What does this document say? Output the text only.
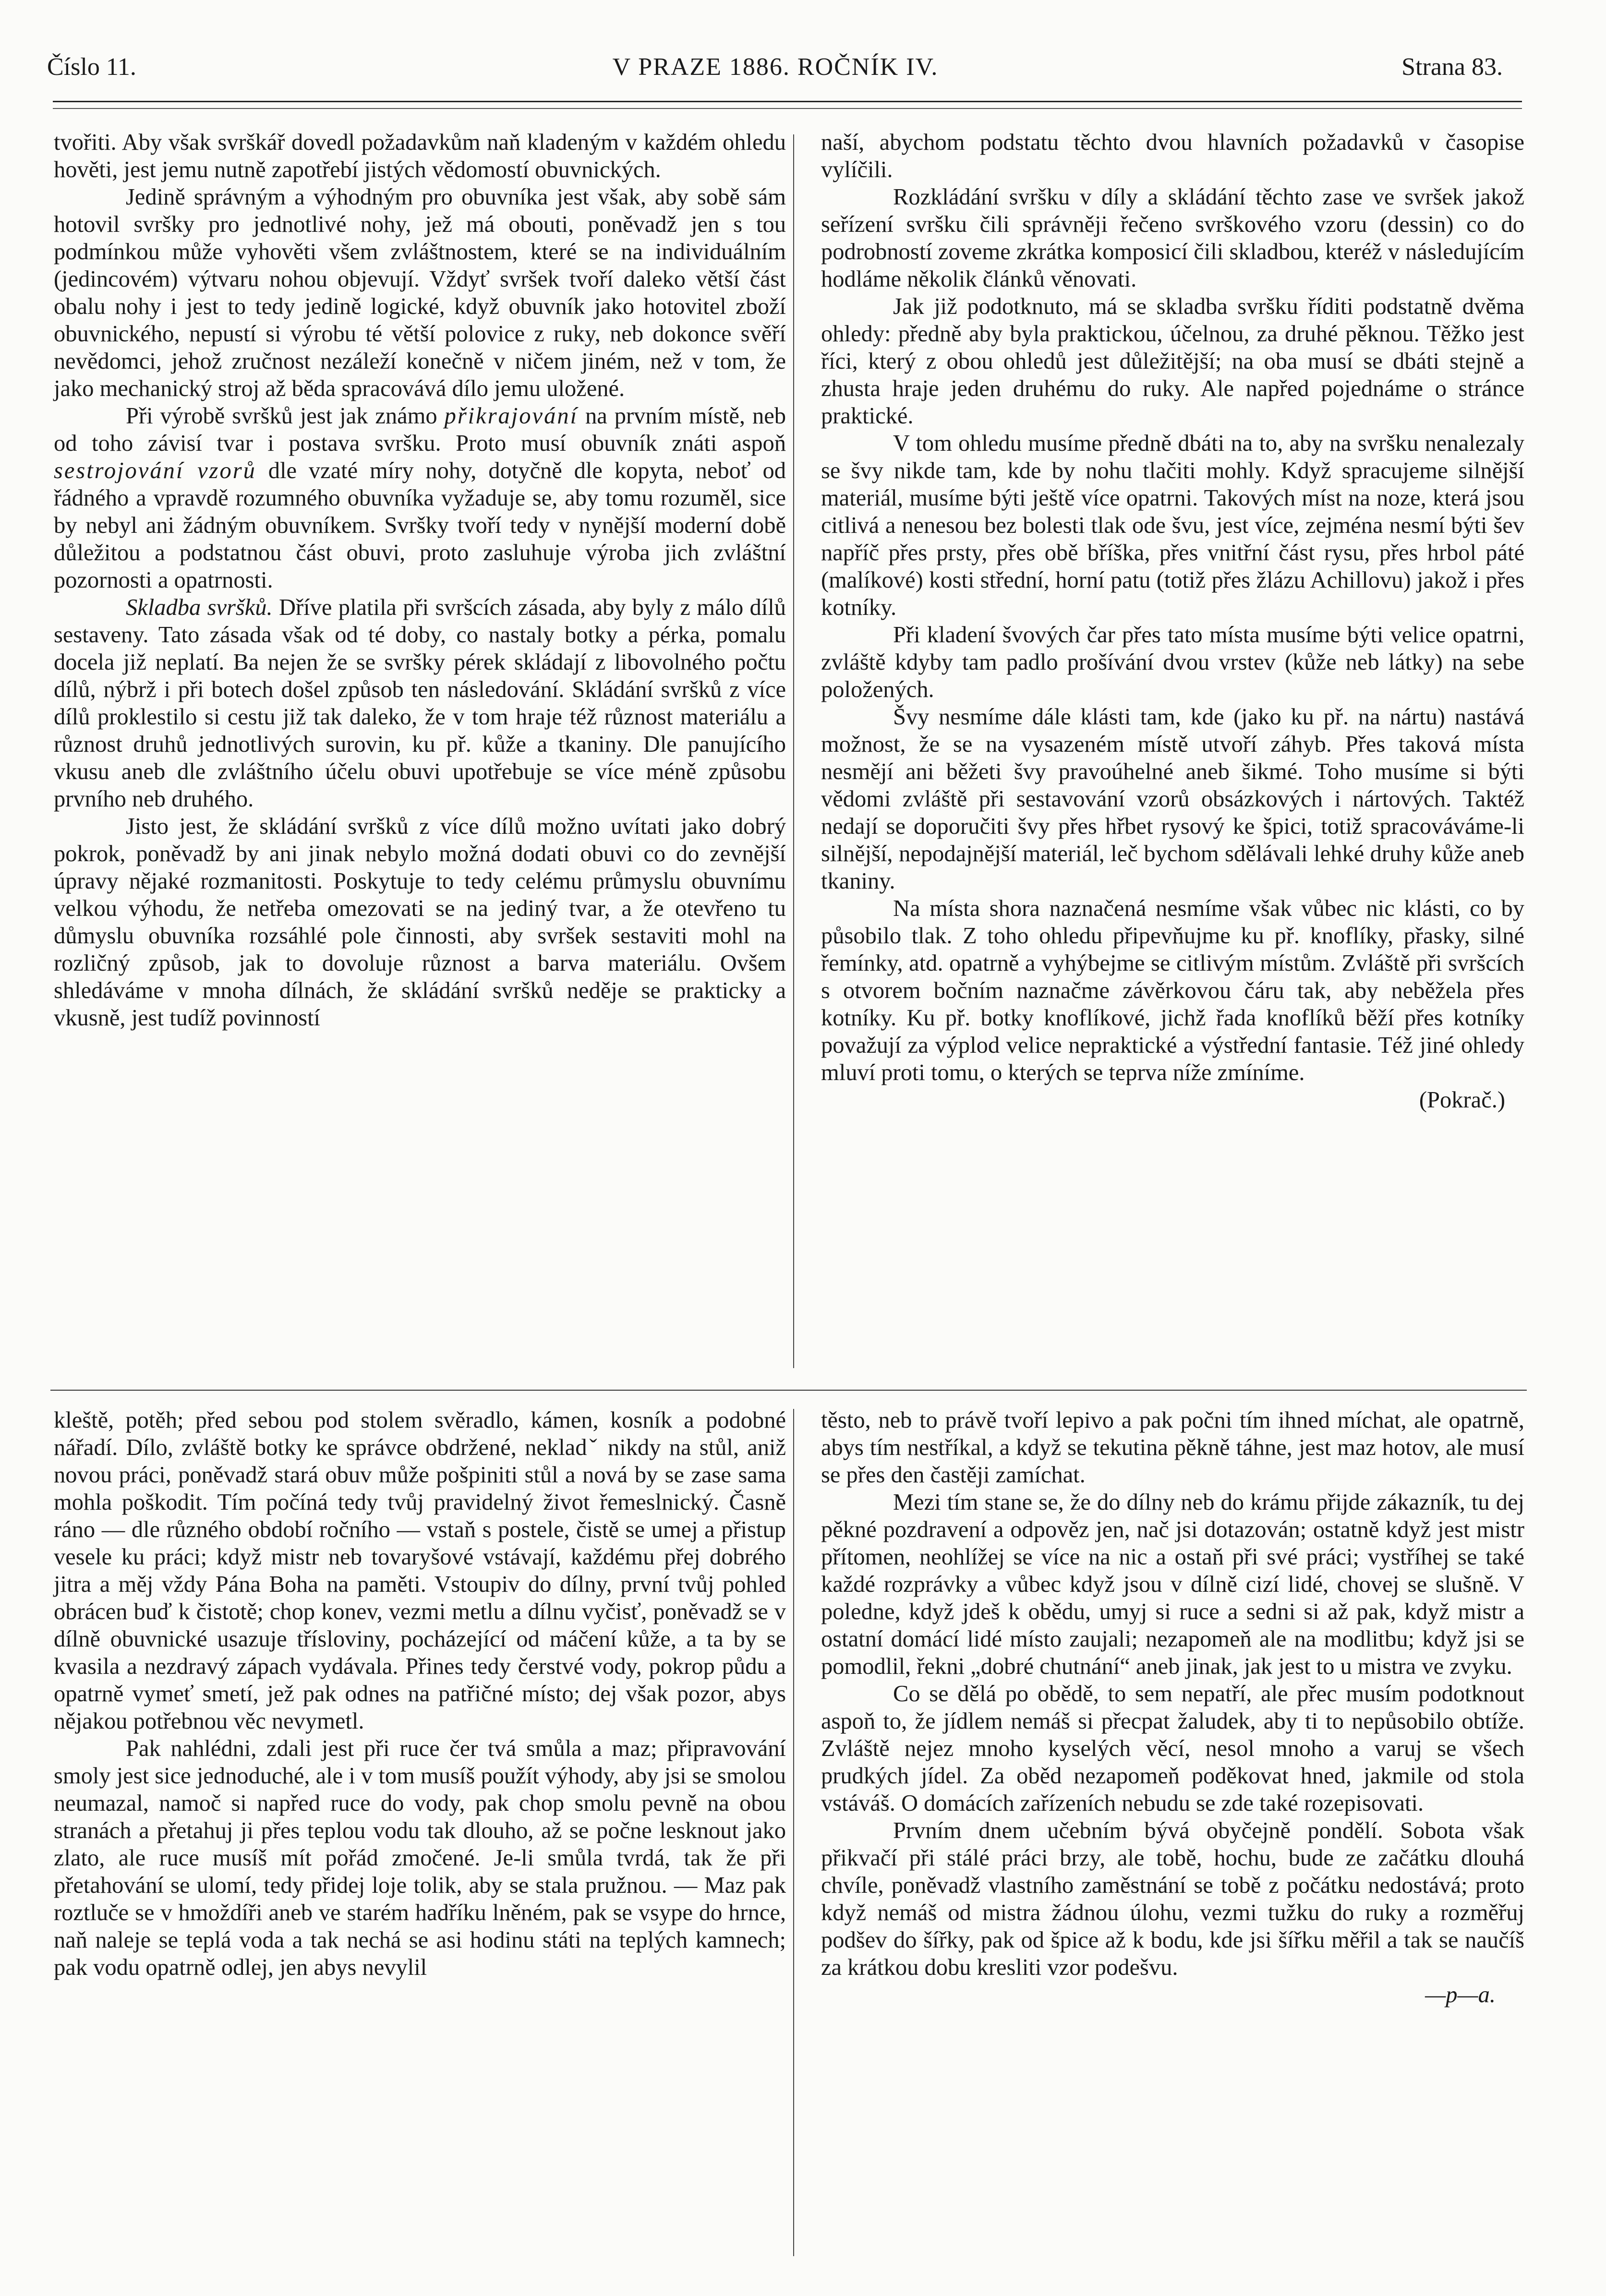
Číslo 11.	V PRAZE 1886. ROČNÍK IV.	Strana 83.

tvořiti. Aby však svrškář dovedl požadavkům naň kladeným v každém ohledu hověti, jest jemu nutně zapotřebí jistých vědomostí obuvnických.

Jedině správným a výhodným pro obuvníka jest však, aby sobě sám hotovil svršky pro jednotlivé nohy, jež má obouti, poněvadž jen s tou podmínkou může vyhověti všem zvláštnostem, které se na individuálním (jedincovém) výtvaru nohou objevují. Vždyť svršek tvoří daleko větší část obalu nohy i jest to tedy jedině logické, když obuvník jako hotovitel zboží obuvnického, nepustí si výrobu té větší polovice z ruky, neb dokonce svěří nevědomci, jehož zručnost nezáleží konečně v ničem jiném, než v tom, že jako mechanický stroj až běda spracovává dílo jemu uložené.

Při výrobě svršků jest jak známo přikrajování na prvním místě, neb od toho závisí tvar i postava svršku. Proto musí obuvník znáti aspoň sestrojování vzorů dle vzaté míry nohy, dotyčně dle kopyta, neboť od řádného a vpravdě rozumného obuvníka vyžaduje se, aby tomu rozuměl, sice by nebyl ani žádným obuvníkem. Svršky tvoří tedy v nynější moderní době důležitou a podstatnou část obuvi, proto zasluhuje výroba jich zvláštní pozornosti a opatrnosti.

Skladba svršků. Dříve platila při svršcích zásada, aby byly z málo dílů sestaveny. Tato zásada však od té doby, co nastaly botky a pérka, pomalu docela již neplatí. Ba nejen že se svršky pérek skládají z libovolného počtu dílů, nýbrž i při botech došel způsob ten následování. Skládání svršků z více dílů proklestilo si cestu již tak daleko, že v tom hraje též různost materiálu a různost druhů jednotlivých surovin, ku př. kůže a tkaniny. Dle panujícího vkusu aneb dle zvláštního účelu obuvi upotřebuje se více méně způsobu prvního neb druhého.

Jisto jest, že skládání svršků z více dílů možno uvítati jako dobrý pokrok, poněvadž by ani jinak nebylo možná dodati obuvi co do zevnější úpravy nějaké rozmanitosti. Poskytuje to tedy celému průmyslu obuvnímu velkou výhodu, že netřeba omezovati se na jediný tvar, a že otevřeno tu důmyslu obuvníka rozsáhlé pole činnosti, aby svršek sestaviti mohl na rozličný způsob, jak to dovoluje různost a barva materiálu. Ovšem shledáváme v mnoha dílnách, že skládání svršků neděje se prakticky a vkusně, jest tudíž povinností

naší, abychom podstatu těchto dvou hlavních požadavků v časopise vylíčili.

Rozkládání svršku v díly a skládání těchto zase ve svršek jakož seřízení svršku čili správněji řečeno svrškového vzoru (dessin) co do podrobností zoveme zkrátka komposicí čili skladbou, kteréž v následujícím hodláme několik článků věnovati.

Jak již podotknuto, má se skladba svršku říditi podstatně dvěma ohledy: předně aby byla praktickou, účelnou, za druhé pěknou. Těžko jest říci, který z obou ohledů jest důležitější; na oba musí se dbáti stejně a zhusta hraje jeden druhému do ruky. Ale napřed pojednáme o stránce praktické.

V tom ohledu musíme předně dbáti na to, aby na svršku nenalezaly se švy nikde tam, kde by nohu tlačiti mohly. Když spracujeme silnější materiál, musíme býti ještě více opatrni. Takových míst na noze, která jsou citlivá a nenesou bez bolesti tlak ode švu, jest více, zejména nesmí býti šev napříč přes prsty, přes obě bříška, přes vnitřní část rysu, přes hrbol páté (malíkové) kosti střední, horní patu (totiž přes žlázu Achillovu) jakož i přes kotníky.

Při kladení švových čar přes tato místa musíme býti velice opatrni, zvláště kdyby tam padlo prošívání dvou vrstev (kůže neb látky) na sebe položených.

Švy nesmíme dále klásti tam, kde (jako ku př. na nártu) nastává možnost, že se na vysazeném místě utvoří záhyb. Přes taková místa nesmějí ani běžeti švy pravoúhelné aneb šikmé. Toho musíme si býti vědomi zvláště při sestavování vzorů obsázkových i nártových. Taktéž nedají se doporučiti švy přes hřbet rysový ke špici, totiž spracováváme-li silnější, nepodajnější materiál, leč bychom sdělávali lehké druhy kůže aneb tkaniny.

Na místa shora naznačená nesmíme však vůbec nic klásti, co by působilo tlak. Z toho ohledu připevňujme ku př. knoflíky, přasky, silné řemínky, atd. opatrně a vyhýbejme se citlivým místům. Zvláště při svršcích s otvorem bočním naznačme závěrkovou čáru tak, aby neběžela přes kotníky. Ku př. botky knoflíkové, jichž řada knoflíků běží přes kotníky považují za výplod velice nepraktické a výstřední fantasie. Též jiné ohledy mluví proti tomu, o kterých se teprva níže zmíníme.

(Pokrač.)

kleště, potěh; před sebou pod stolem svěradlo, kámen, kosník a podobné nářadí. Dílo, zvláště botky ke správce obdržené, nekladˇ nikdy na stůl, aniž novou práci, poněvadž stará obuv může pošpiniti stůl a nová by se zase sama mohla poškodit. Tím počíná tedy tvůj pravidelný život řemeslnický. Časně ráno — dle různého období ročního — vstaň s postele, čistě se umej a přistup vesele ku práci; když mistr neb tovaryšové vstávají, každému přej dobrého jitra a měj vždy Pána Boha na paměti. Vstoupiv do dílny, první tvůj pohled obrácen buď k čistotě; chop konev, vezmi metlu a dílnu vyčisť, poněvadž se v dílně obuvnické usazuje třísloviny, pocházející od máčení kůže, a ta by se kvasila a nezdravý zápach vydávala. Přines tedy čerstvé vody, pokrop půdu a opatrně vymeť smetí, jež pak odnes na patřičné místo; dej však pozor, abys nějakou potřebnou věc nevymetl.

Pak nahlédni, zdali jest při ruce čer tvá smůla a maz; připravování smoly jest sice jednoduché, ale i v tom musíš použít výhody, aby jsi se smolou neumazal, namoč si napřed ruce do vody, pak chop smolu pevně na obou stranách a přetahuj ji přes teplou vodu tak dlouho, až se počne lesknout jako zlato, ale ruce musíš mít pořád zmočené. Je-li smůla tvrdá, tak že při přetahování se ulomí, tedy přidej loje tolik, aby se stala pružnou. — Maz pak roztluče se v hmoždíři aneb ve starém hadříku lněném, pak se vsype do hrnce, naň naleje se teplá voda a tak nechá se asi hodinu státi na teplých kamnech; pak vodu opatrně odlej, jen abys nevylil

těsto, neb to právě tvoří lepivo a pak počni tím ihned míchat, ale opatrně, abys tím nestříkal, a když se tekutina pěkně táhne, jest maz hotov, ale musí se přes den častěji zamíchat.

Mezi tím stane se, že do dílny neb do krámu přijde zákazník, tu dej pěkné pozdravení a odpověz jen, nač jsi dotazován; ostatně když jest mistr přítomen, neohlížej se více na nic a ostaň při své práci; vystříhej se také každé rozprávky a vůbec když jsou v dílně cizí lidé, chovej se slušně. V poledne, když jdeš k obědu, umyj si ruce a sedni si až pak, když mistr a ostatní domácí lidé místo zaujali; nezapomeň ale na modlitbu; když jsi se pomodlil, řekni „dobré chutnání“ aneb jinak, jak jest to u mistra ve zvyku.

Co se dělá po obědě, to sem nepatří, ale přec musím podotknout aspoň to, že jídlem nemáš si přecpat žaludek, aby ti to nepůsobilo obtíže. Zvláště nejez mnoho kyselých věcí, nesol mnoho a varuj se všech prudkých jídel. Za oběd nezapomeň poděkovat hned, jakmile od stola vstáváš. O domácích zařízeních nebudu se zde také rozepisovati.

Prvním dnem učebním bývá obyčejně pondělí. Sobota však přikvačí při stálé práci brzy, ale tobě, hochu, bude ze začátku dlouhá chvíle, poněvadž vlastního zaměstnání se tobě z počátku nedostává; proto když nemáš od mistra žádnou úlohu, vezmi tužku do ruky a rozměřuj podšev do šířky, pak od špice až k bodu, kde jsi šířku měřil a tak se naučíš za krátkou dobu kresliti vzor podešvu.

—p—a.
